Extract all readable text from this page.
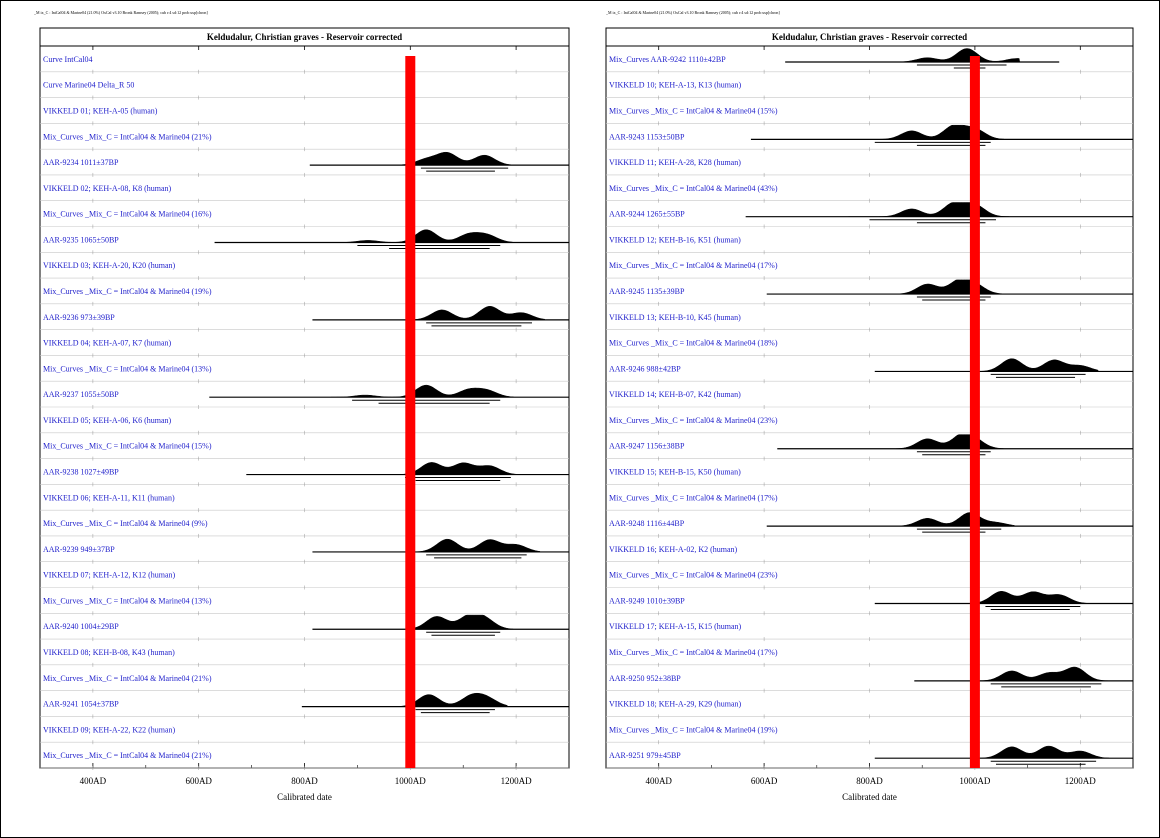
_M ix_C : IntCal04 & Marine04 (21.0%) OxCal v3.10 Bronk Ramsey (2005); cub r:4 sd:12 prob usp[chron]	_M ix_C : IntCal04 & Marine04 (21.0%) OxCal v3.10 Bronk Ramsey (2005); cub r:4 sd:12 prob usp[chron]
Keldudalur, Christian graves - Reservoir corrected
400AD	600AD	800AD	1000AD	1200AD
Calibrated date
Curve IntCal04
Curve Marine04 Delta_R 50
VIKKELD 01; KEH-A-05 (human)
Mix_Curves _Mix_C = IntCal04 & Marine04 (21%)
AAR-9234 1011±37BP
VIKKELD 02; KEH-A-08, K8 (human)
Mix_Curves _Mix_C = IntCal04 & Marine04 (16%)
AAR-9235 1065±50BP
VIKKELD 03; KEH-A-20, K20 (human)
Mix_Curves _Mix_C = IntCal04 & Marine04 (19%)
AAR-9236 973±39BP
VIKKELD 04; KEH-A-07, K7 (human)
Mix_Curves _Mix_C = IntCal04 & Marine04 (13%)
AAR-9237 1055±50BP
VIKKELD 05; KEH-A-06, K6 (human)
Mix_Curves _Mix_C = IntCal04 & Marine04 (15%)
AAR-9238 1027±49BP
VIKKELD 06; KEH-A-11, K11 (human)
Mix_Curves _Mix_C = IntCal04 & Marine04 (9%)
AAR-9239 949±37BP
VIKKELD 07; KEH-A-12, K12 (human)
Mix_Curves _Mix_C = IntCal04 & Marine04 (13%)
AAR-9240 1004±29BP
VIKKELD 08; KEH-B-08, K43 (human)
Mix_Curves _Mix_C = IntCal04 & Marine04 (21%)
AAR-9241 1054±37BP
VIKKELD 09; KEH-A-22, K22 (human)
Mix_Curves _Mix_C = IntCal04 & Marine04 (21%)
Keldudalur, Christian graves - Reservoir corrected
400AD	600AD	800AD	1000AD	1200AD
Calibrated date
Mix_Curves AAR-9242 1110±42BP
VIKKELD 10; KEH-A-13, K13 (human)
Mix_Curves _Mix_C = IntCal04 & Marine04 (15%)
AAR-9243 1153±50BP
VIKKELD 11; KEH-A-28, K28 (human)
Mix_Curves _Mix_C = IntCal04 & Marine04 (43%)
AAR-9244 1265±55BP
VIKKELD 12; KEH-B-16, K51 (human)
Mix_Curves _Mix_C = IntCal04 & Marine04 (17%)
AAR-9245 1135±39BP
VIKKELD 13; KEH-B-10, K45 (human)
Mix_Curves _Mix_C = IntCal04 & Marine04 (18%)
AAR-9246 988±42BP
VIKKELD 14; KEH-B-07, K42 (human)
Mix_Curves _Mix_C = IntCal04 & Marine04 (23%)
AAR-9247 1156±38BP
VIKKELD 15; KEH-B-15, K50 (human)
Mix_Curves _Mix_C = IntCal04 & Marine04 (17%)
AAR-9248 1116±44BP
VIKKELD 16; KEH-A-02, K2 (human)
Mix_Curves _Mix_C = IntCal04 & Marine04 (23%)
AAR-9249 1010±39BP
VIKKELD 17; KEH-A-15, K15 (human)
Mix_Curves _Mix_C = IntCal04 & Marine04 (17%)
AAR-9250 952±38BP
VIKKELD 18; KEH-A-29, K29 (human)
Mix_Curves _Mix_C = IntCal04 & Marine04 (19%)
AAR-9251 979±45BP
